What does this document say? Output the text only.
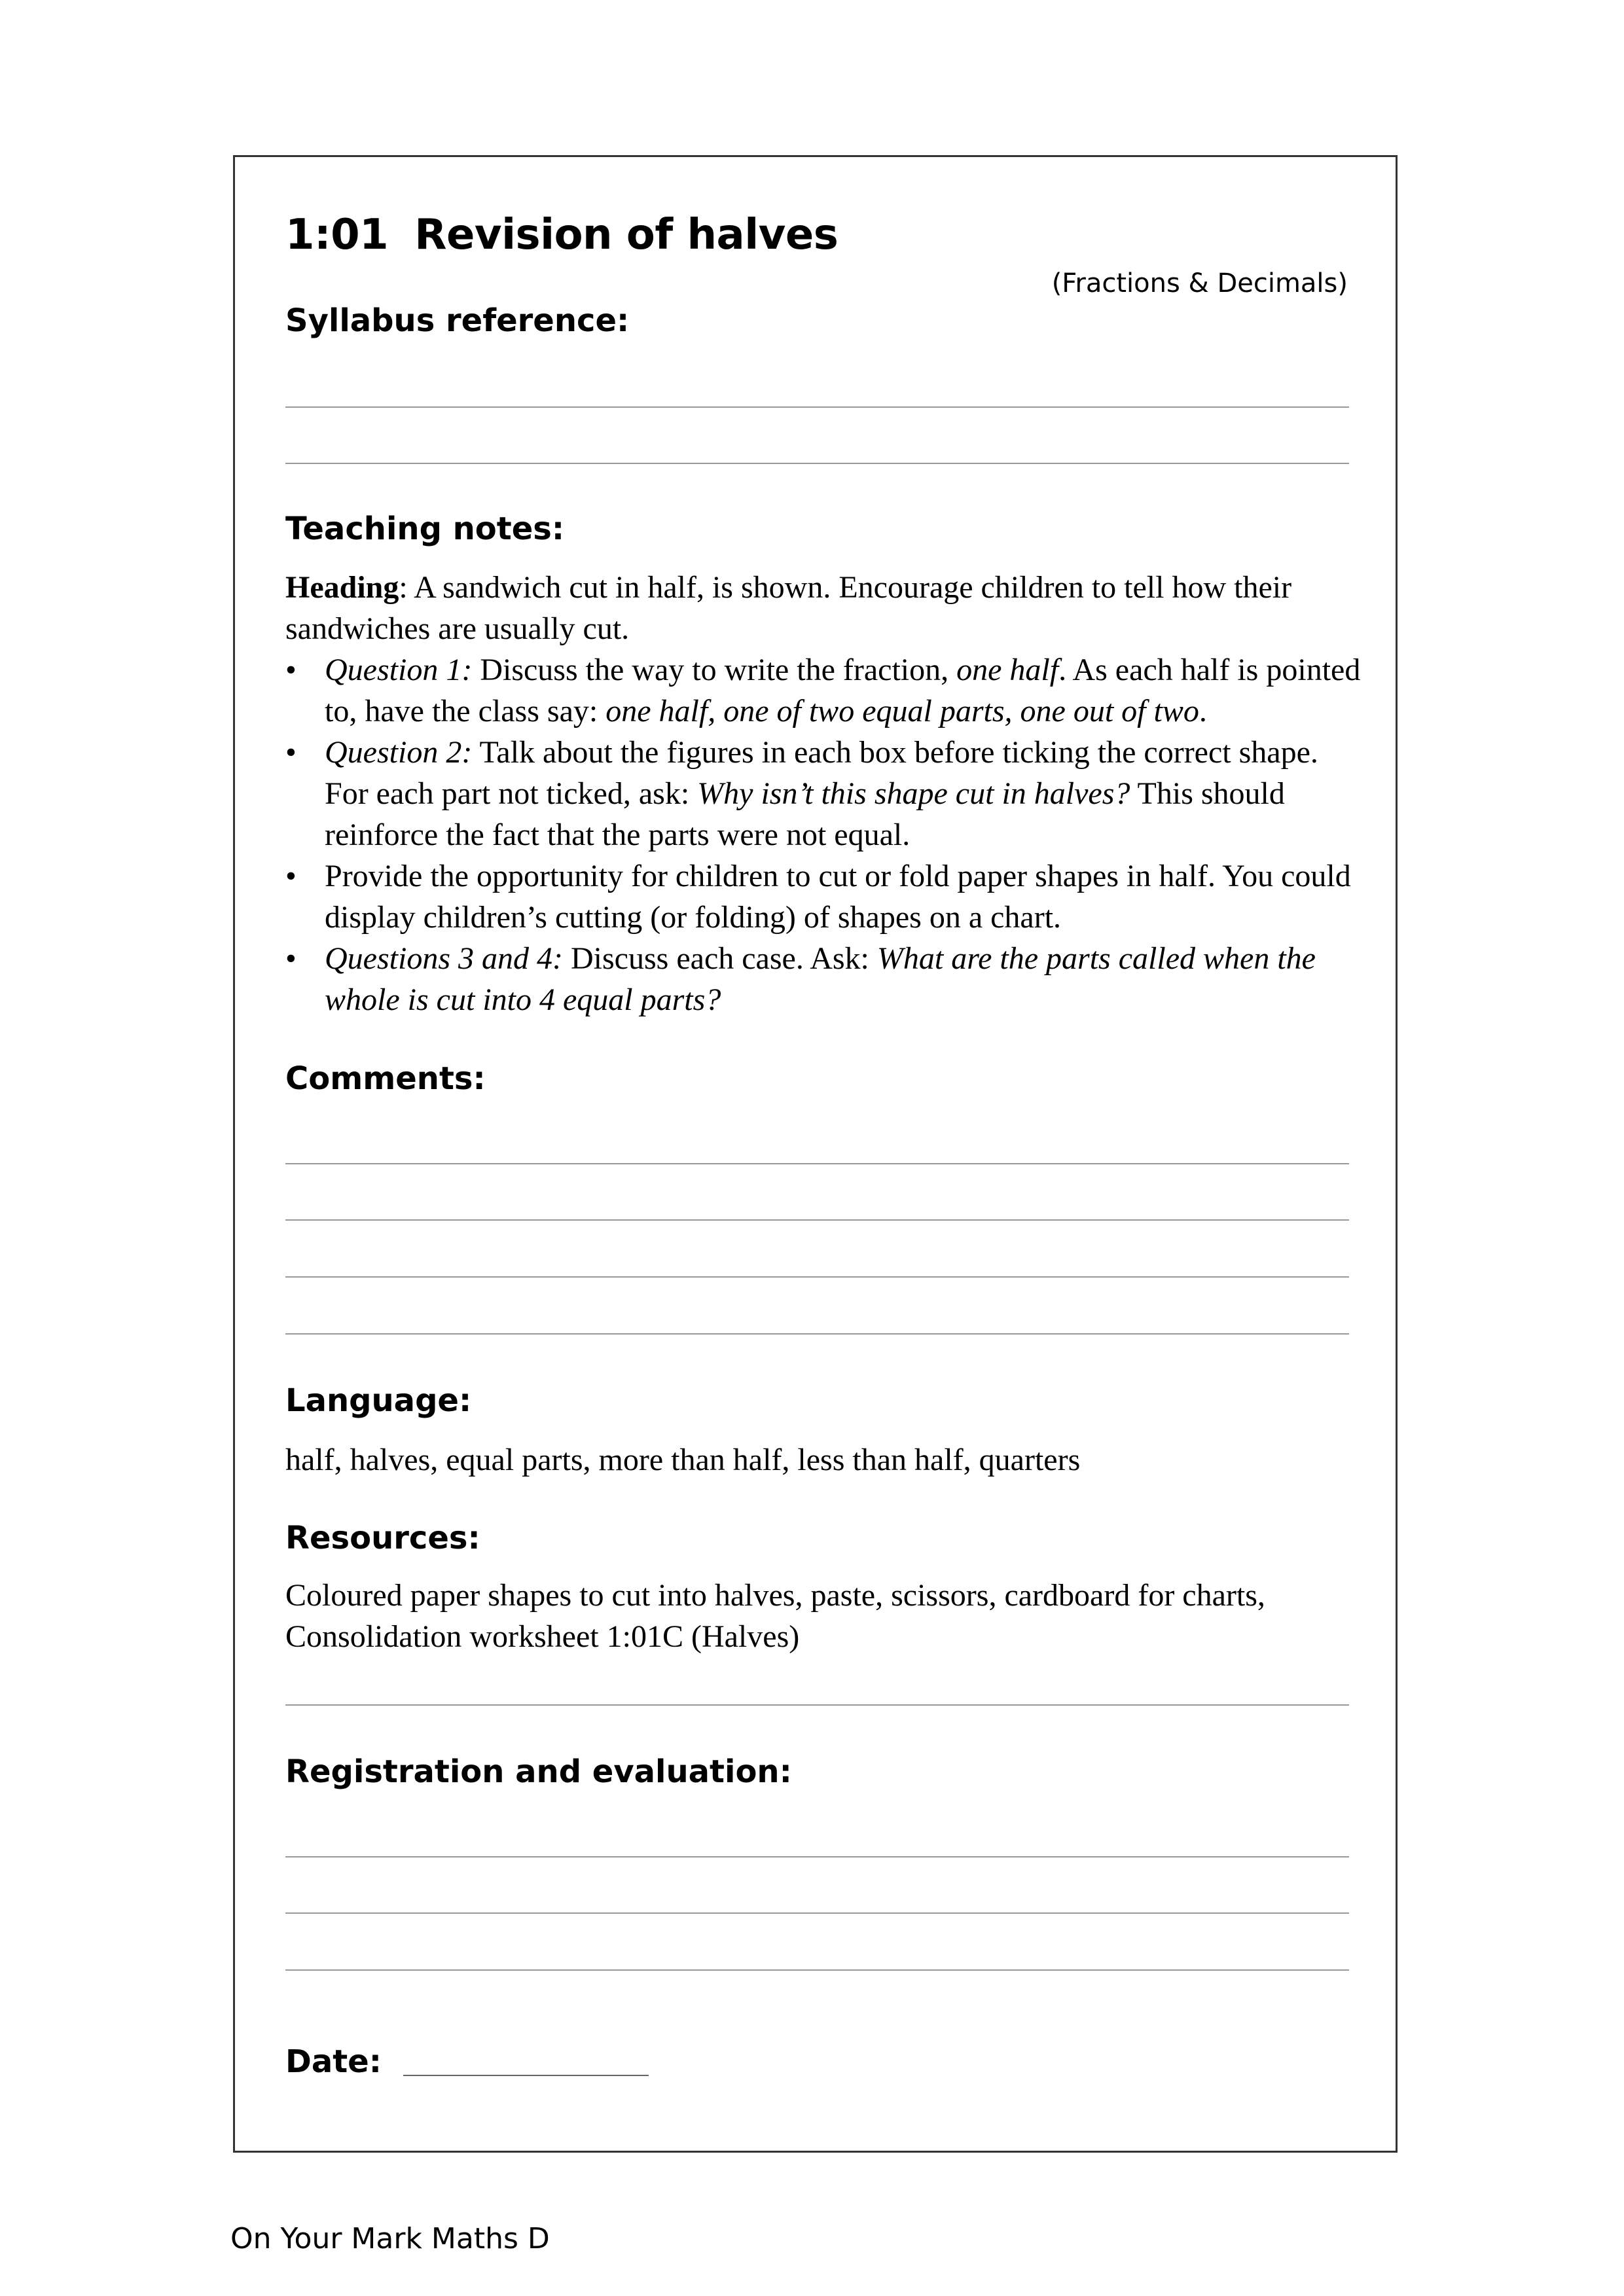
1:01 Revision of halves
(Fractions & Decimals)
Syllabus reference:
Teaching notes:

Heading: A sandwich cut in half, is shown. Encourage children to tell how their sandwiches are usually cut.

• Question 1: Discuss the way to write the fraction, one half. As each half is pointed to, have the class say: one half, one of two equal parts, one out of two.
• Question 2: Talk about the figures in each box before ticking the correct shape. For each part not ticked, ask: Why isn’t this shape cut in halves? This should reinforce the fact that the parts were not equal.
• Provide the opportunity for children to cut or fold paper shapes in half. You could display children’s cutting (or folding) of shapes on a chart.
• Questions 3 and 4: Discuss each case. Ask: What are the parts called when the whole is cut into 4 equal parts?
Comments:
Language:
half, halves, equal parts, more than half, less than half, quarters
Resources:
Coloured paper shapes to cut into halves, paste, scissors, cardboard for charts, Consolidation worksheet 1:01C (Halves)
Registration and evaluation:
Date:
On Your Mark Maths D
